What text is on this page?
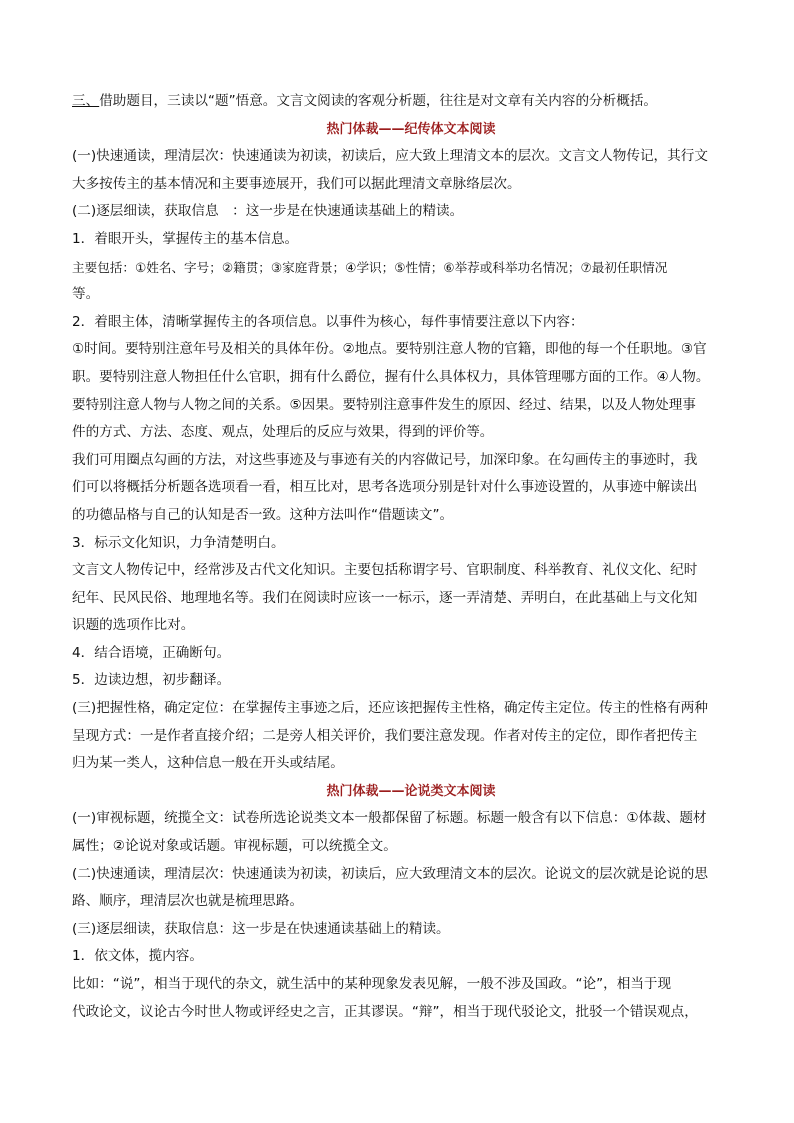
三、借助题目，三读以“题”悟意。文言文阅读的客观分析题，往往是对文章有关内容的分析概括。

热门体裁——纪传体文本阅读

(一)快速通读，理清层次：快速通读为初读，初读后，应大致上理清文本的层次。文言文人物传记，其行文

大多按传主的基本情况和主要事迹展开，我们可以据此理清文章脉络层次。

(二)逐层细读，获取信息　：这一步是在快速通读基础上的精读。

1．着眼开头，掌握传主的基本信息。

主要包括：①姓名、字号；②籍贯；③家庭背景；④学识；⑤性情；⑥举荐或科举功名情况；⑦最初任职情况

等。

2．着眼主体，清晰掌握传主的各项信息。以事件为核心，每件事情要注意以下内容：

①时间。要特别注意年号及相关的具体年份。②地点。要特别注意人物的官籍，即他的每一个任职地。③官

职。要特别注意人物担任什么官职，拥有什么爵位，握有什么具体权力，具体管理哪方面的工作。④人物。

要特别注意人物与人物之间的关系。⑤因果。要特别注意事件发生的原因、经过、结果，以及人物处理事

件的方式、方法、态度、观点，处理后的反应与效果，得到的评价等。

我们可用圈点勾画的方法，对这些事迹及与事迹有关的内容做记号，加深印象。在勾画传主的事迹时，我

们可以将概括分析题各选项看一看，相互比对，思考各选项分别是针对什么事迹设置的，从事迹中解读出

的功德品格与自己的认知是否一致。这种方法叫作“借题读文”。

3．标示文化知识，力争清楚明白。

文言文人物传记中，经常涉及古代文化知识。主要包括称谓字号、官职制度、科举教育、礼仪文化、纪时

纪年、民风民俗、地理地名等。我们在阅读时应该一一标示，逐一弄清楚、弄明白，在此基础上与文化知

识题的选项作比对。

4．结合语境，正确断句。

5．边读边想，初步翻译。

(三)把握性格，确定定位：在掌握传主事迹之后，还应该把握传主性格，确定传主定位。传主的性格有两种

呈现方式：一是作者直接介绍；二是旁人相关评价，我们要注意发现。作者对传主的定位，即作者把传主

归为某一类人，这种信息一般在开头或结尾。

热门体裁——论说类文本阅读

(一)审视标题，统揽全文：试卷所选论说类文本一般都保留了标题。标题一般含有以下信息：①体裁、题材

属性；②论说对象或话题。审视标题，可以统揽全文。

(二)快速通读，理清层次：快速通读为初读，初读后，应大致理清文本的层次。论说文的层次就是论说的思

路、顺序，理清层次也就是梳理思路。

(三)逐层细读，获取信息：这一步是在快速通读基础上的精读。

1．依文体，揽内容。

比如：“说”，相当于现代的杂文，就生活中的某种现象发表见解，一般不涉及国政。“论”，相当于现

代政论文，议论古今时世人物或评经史之言，正其谬误。“辩”，相当于现代驳论文，批驳一个错误观点，
